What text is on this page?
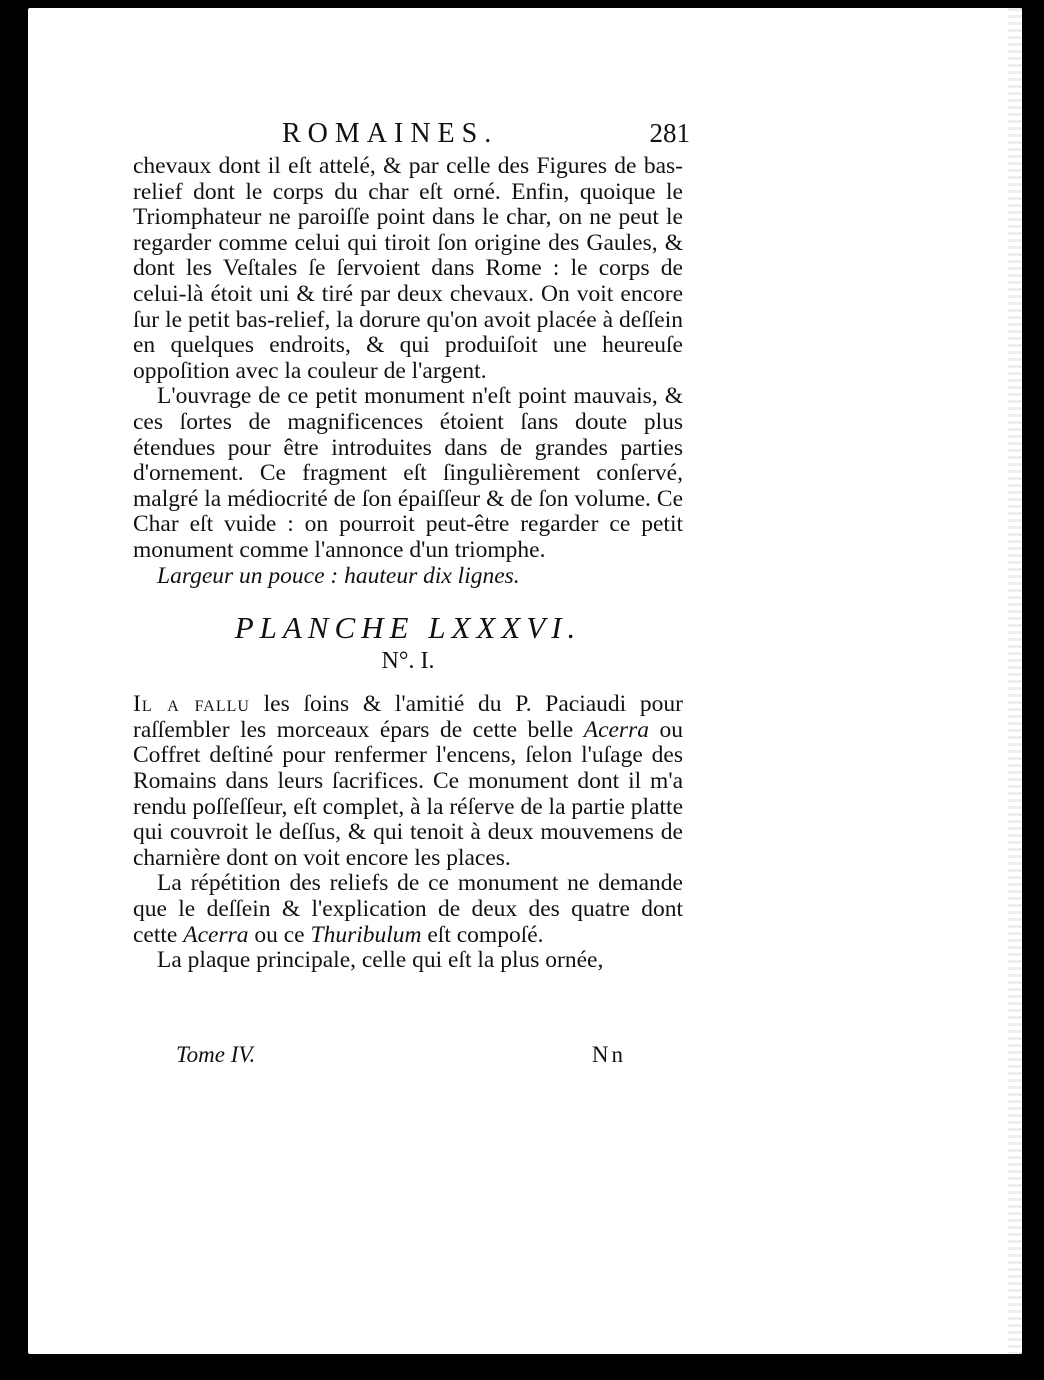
ROMAINES.	281

chevaux dont il eſt attelé, & par celle des Figures de bas-relief dont le corps du char eſt orné. Enfin, quoique le Triomphateur ne paroiſſe point dans le char, on ne peut le regarder comme celui qui tiroit ſon origine des Gaules, & dont les Veſtales ſe ſervoient dans Rome : le corps de celui-là étoit uni & tiré par deux chevaux. On voit encore ſur le petit bas-relief, la dorure qu'on avoit placée à deſſein en quelques endroits, & qui produiſoit une heureuſe oppoſition avec la couleur de l'argent.

L'ouvrage de ce petit monument n'eſt point mauvais, & ces ſortes de magnificences étoient ſans doute plus étendues pour être introduites dans de grandes parties d'ornement. Ce fragment eſt ſingulièrement conſervé, malgré la médiocrité de ſon épaiſſeur & de ſon volume. Ce Char eſt vuide : on pourroit peut-être regarder ce petit monument comme l'annonce d'un triomphe.

Largeur un pouce : hauteur dix lignes.

PLANCHE LXXXVI.
N°. I.

Il a fallu les ſoins & l'amitié du P. Paciaudi pour raſſembler les morceaux épars de cette belle Acerra ou Coffret deſtiné pour renfermer l'encens, ſelon l'uſage des Romains dans leurs ſacrifices. Ce monument dont il m'a rendu poſſeſſeur, eſt complet, à la réſerve de la partie platte qui couvroit le deſſus, & qui tenoit à deux mouvemens de charnière dont on voit encore les places.

La répétition des reliefs de ce monument ne demande que le deſſein & l'explication de deux des quatre dont cette Acerra ou ce Thuribulum eſt compoſé.

La plaque principale, celle qui eſt la plus ornée,

Tome IV.	Nn
